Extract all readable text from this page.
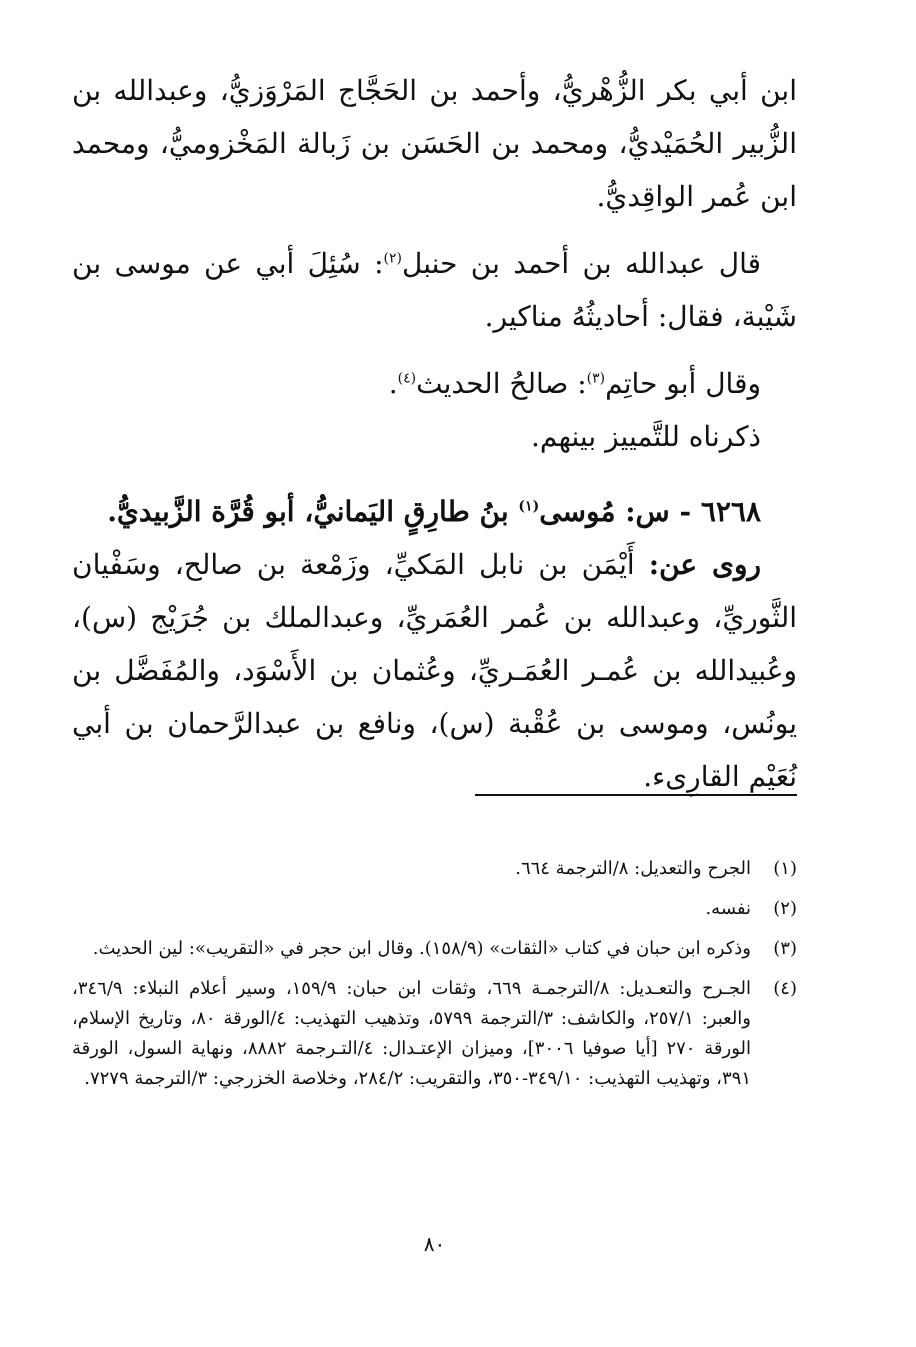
ابن أبي بكر الزُّهْريُّ، وأحمد بن الحَجَّاج المَرْوَزيُّ، وعبدالله بن الزُّبير الحُمَيْديُّ، ومحمد بن الحَسَن بن زَبالة المَخْزوميُّ، ومحمد ابن عُمر الواقِديُّ.

قال عبدالله بن أحمد بن حنبل$^{(٢)}$: سُئِلَ أبي عن موسى بن شَيْبة، فقال: أحاديثُهُ مناكير.

وقال أبو حاتِم$^{(٣)}$: صالحُ الحديث$^{(٤)}$.

ذكرناه للتَّمييز بينهم.

٦٢٦٨ - س: مُوسى$^{(١)}$ بنُ طارِقٍ اليَمانيُّ، أبو قُرَّة الزَّبيديُّ.

روى عن: أَيْمَن بن نابل المَكيِّ، وزَمْعة بن صالح، وسَفْيان الثَّوريِّ، وعبدالله بن عُمر العُمَريِّ، وعبدالملك بن جُرَيْج (س)، وعُبيدالله بن عُمـر العُمَـريِّ، وعُثمان بن الأَسْوَد، والمُفَضَّل بن يونُس، وموسى بن عُقْبة (س)، ونافع بن عبدالرَّحمان بن أبي نُعَيْم القارِىء.

(١)
الجرح والتعديل: ٨/الترجمة ٦٦٤.
(٢)
نفسه.
(٣)
وذكره ابن حبان في كتاب «الثقات» (١٥٨/٩). وقال ابن حجر في «التقريب»: لين الحديث.
(٤)
الجـرح والتعـديل: ٨/الترجمـة ٦٦٩، وثقات ابن حبان: ١٥٩/٩، وسير أعلام النبلاء: ٣٤٦/٩، والعبر: ٢٥٧/١، والكاشف: ٣/الترجمة ٥٧٩٩، وتذهيب التهذيب: ٤/الورقة ٨٠، وتاريخ الإسلام، الورقة ٢٧٠ [أيا صوفيا ٣٠٠٦]، وميزان الإعتـدال: ٤/التـرجمة ٨٨٨٢، ونهاية السول، الورقة ٣٩١، وتهذيب التهذيب: ٣٤٩/١٠-٣٥٠، والتقريب: ٢٨٤/٢، وخلاصة الخزرجي: ٣/الترجمة ٧٢٧٩.
٨٠
